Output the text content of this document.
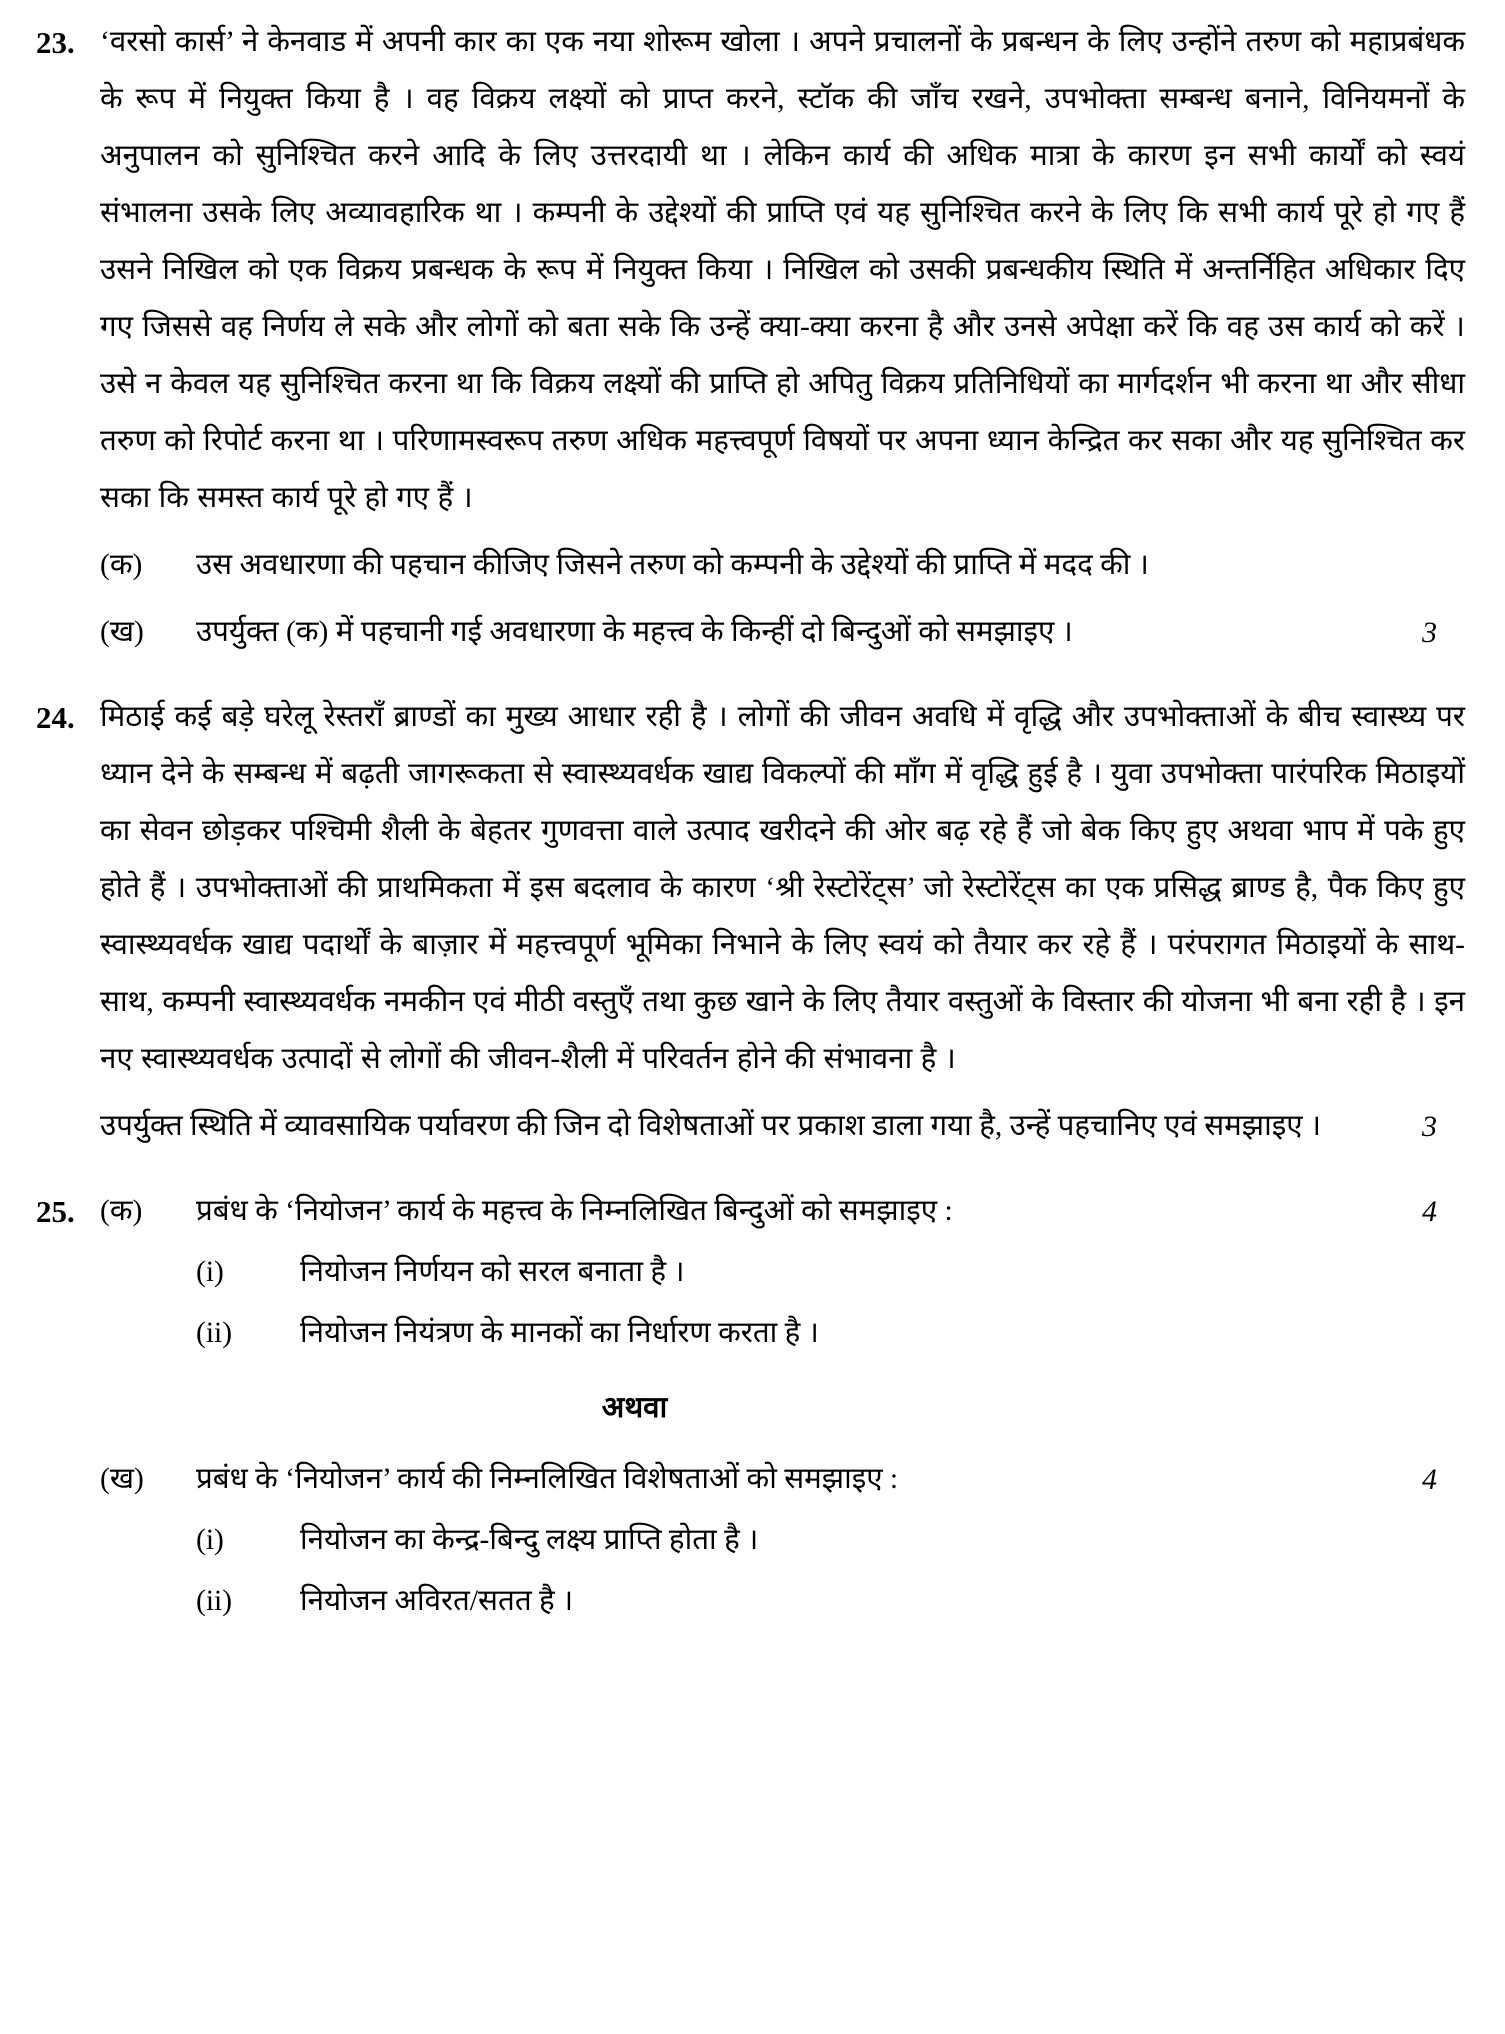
23. ‘वरसो कार्स’ ने केनवाड में अपनी कार का एक नया शोरूम खोला । अपने प्रचालनों के प्रबन्धन के लिए उन्होंने तरुण को महाप्रबंधक के रूप में नियुक्त किया है । वह विक्रय लक्ष्यों को प्राप्त करने, स्टॉक की जाँच रखने, उपभोक्ता सम्बन्ध बनाने, विनियमनों के अनुपालन को सुनिश्चित करने आदि के लिए उत्तरदायी था । लेकिन कार्य की अधिक मात्रा के कारण इन सभी कार्यों को स्वयं संभालना उसके लिए अव्यावहारिक था । कम्पनी के उद्देश्यों की प्राप्ति एवं यह सुनिश्चित करने के लिए कि सभी कार्य पूरे हो गए हैं उसने निखिल को एक विक्रय प्रबन्धक के रूप में नियुक्त किया । निखिल को उसकी प्रबन्धकीय स्थिति में अन्तर्निहित अधिकार दिए गए जिससे वह निर्णय ले सके और लोगों को बता सके कि उन्हें क्या-क्या करना है और उनसे अपेक्षा करें कि वह उस कार्य को करें । उसे न केवल यह सुनिश्चित करना था कि विक्रय लक्ष्यों की प्राप्ति हो अपितु विक्रय प्रतिनिधियों का मार्गदर्शन भी करना था और सीधा तरुण को रिपोर्ट करना था । परिणामस्वरूप तरुण अधिक महत्त्वपूर्ण विषयों पर अपना ध्यान केन्द्रित कर सका और यह सुनिश्चित कर सका कि समस्त कार्य पूरे हो गए हैं ।

(क)	उस अवधारणा की पहचान कीजिए जिसने तरुण को कम्पनी के उद्देश्यों की प्राप्ति में मदद की ।
(ख)	उपर्युक्त (क) में पहचानी गई अवधारणा के महत्त्व के किन्हीं दो बिन्दुओं को समझाइए ।	3
24. मिठाई कई बड़े घरेलू रेस्तराँ ब्राण्डों का मुख्य आधार रही है । लोगों की जीवन अवधि में वृद्धि और उपभोक्ताओं के बीच स्वास्थ्य पर ध्यान देने के सम्बन्ध में बढ़ती जागरूकता से स्वास्थ्यवर्धक खाद्य विकल्पों की माँग में वृद्धि हुई है । युवा उपभोक्ता पारंपरिक मिठाइयों का सेवन छोड़कर पश्चिमी शैली के बेहतर गुणवत्ता वाले उत्पाद खरीदने की ओर बढ़ रहे हैं जो बेक किए हुए अथवा भाप में पके हुए होते हैं । उपभोक्ताओं की प्राथमिकता में इस बदलाव के कारण ‘श्री रेस्टोरेंट्स’ जो रेस्टोरेंट्स का एक प्रसिद्ध ब्राण्ड है, पैक किए हुए स्वास्थ्यवर्धक खाद्य पदार्थों के बाज़ार में महत्त्वपूर्ण भूमिका निभाने के लिए स्वयं को तैयार कर रहे हैं । परंपरागत मिठाइयों के साथ-साथ, कम्पनी स्वास्थ्यवर्धक नमकीन एवं मीठी वस्तुएँ तथा कुछ खाने के लिए तैयार वस्तुओं के विस्तार की योजना भी बना रही है । इन नए स्वास्थ्यवर्धक उत्पादों से लोगों की जीवन-शैली में परिवर्तन होने की संभावना है ।

उपर्युक्त स्थिति में व्यावसायिक पर्यावरण की जिन दो विशेषताओं पर प्रकाश डाला गया है, उन्हें पहचानिए एवं समझाइए ।	3
25. (क)	प्रबंध के ‘नियोजन’ कार्य के महत्त्व के निम्नलिखित बिन्दुओं को समझाइए :	4
(i)	नियोजन निर्णयन को सरल बनाता है ।
(ii)	नियोजन नियंत्रण के मानकों का निर्धारण करता है ।
अथवा
(ख)	प्रबंध के ‘नियोजन’ कार्य की निम्नलिखित विशेषताओं को समझाइए :	4
(i)	नियोजन का केन्द्र-बिन्दु लक्ष्य प्राप्ति होता है ।
(ii)	नियोजन अविरत/सतत है ।
